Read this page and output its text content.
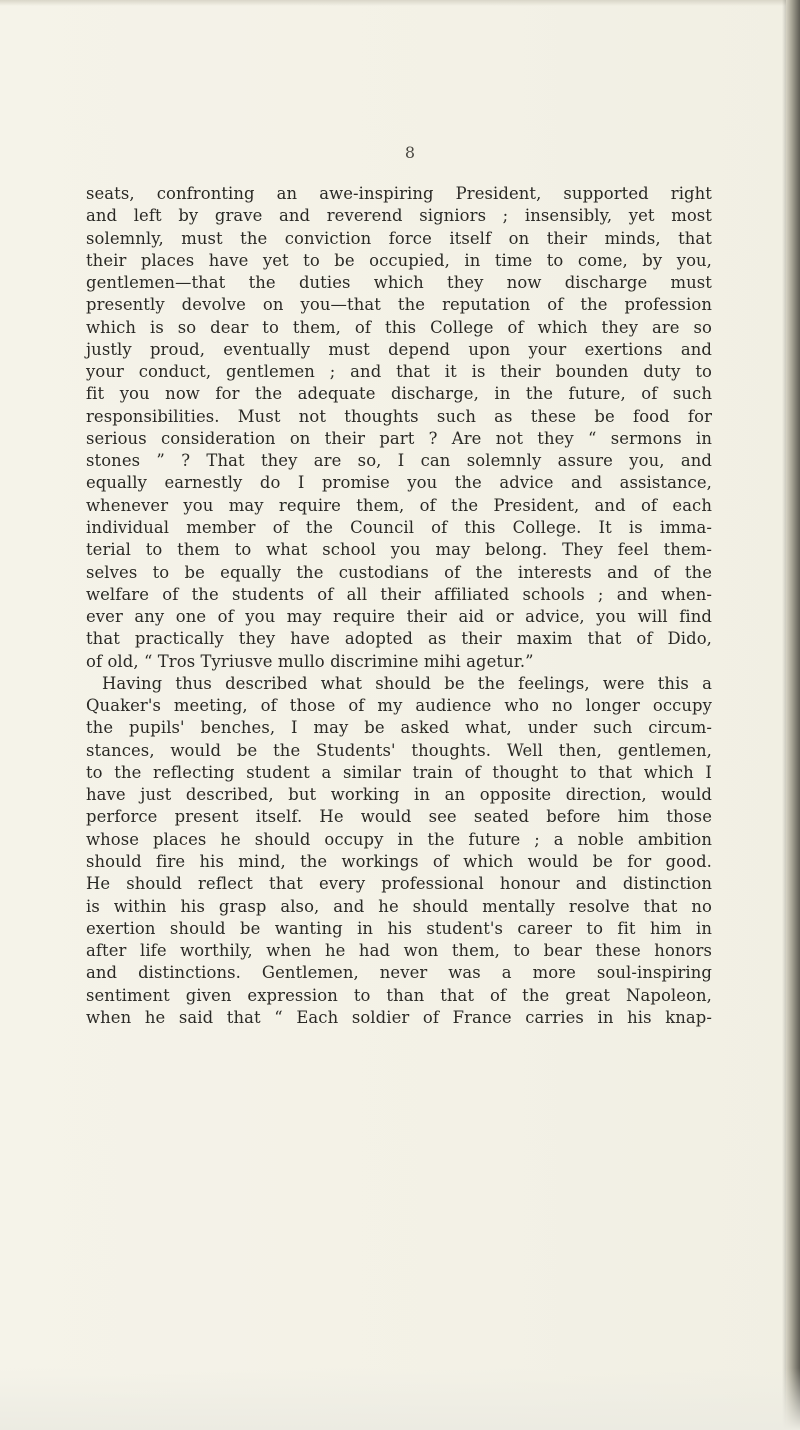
8
seats, confronting an awe-inspiring President, supported right
and left by grave and reverend signiors ; insensibly, yet most
solemnly, must the conviction force itself on their minds, that
their places have yet to be occupied, in time to come, by you,
gentlemen—that the duties which they now discharge must
presently devolve on you—that the reputation of the profession
which is so dear to them, of this College of which they are so
justly proud, eventually must depend upon your exertions and
your conduct, gentlemen ; and that it is their bounden duty to
fit you now for the adequate discharge, in the future, of such
responsibilities. Must not thoughts such as these be food for
serious consideration on their part ? Are not they “ sermons in
stones ” ? That they are so, I can solemnly assure you, and
equally earnestly do I promise you the advice and assistance,
whenever you may require them, of the President, and of each
individual member of the Council of this College. It is imma-
terial to them to what school you may belong. They feel them-
selves to be equally the custodians of the interests and of the
welfare of the students of all their affiliated schools ; and when-
ever any one of you may require their aid or advice, you will find
that practically they have adopted as their maxim that of Dido,
of old, “ Tros Tyriusve mullo discrimine mihi agetur.”
Having thus described what should be the feelings, were this a
Quaker's meeting, of those of my audience who no longer occupy
the pupils' benches, I may be asked what, under such circum-
stances, would be the Students' thoughts. Well then, gentlemen,
to the reflecting student a similar train of thought to that which I
have just described, but working in an opposite direction, would
perforce present itself. He would see seated before him those
whose places he should occupy in the future ; a noble ambition
should fire his mind, the workings of which would be for good.
He should reflect that every professional honour and distinction
is within his grasp also, and he should mentally resolve that no
exertion should be wanting in his student's career to fit him in
after life worthily, when he had won them, to bear these honors
and distinctions. Gentlemen, never was a more soul-inspiring
sentiment given expression to than that of the great Napoleon,
when he said that “ Each soldier of France carries in his knap-
